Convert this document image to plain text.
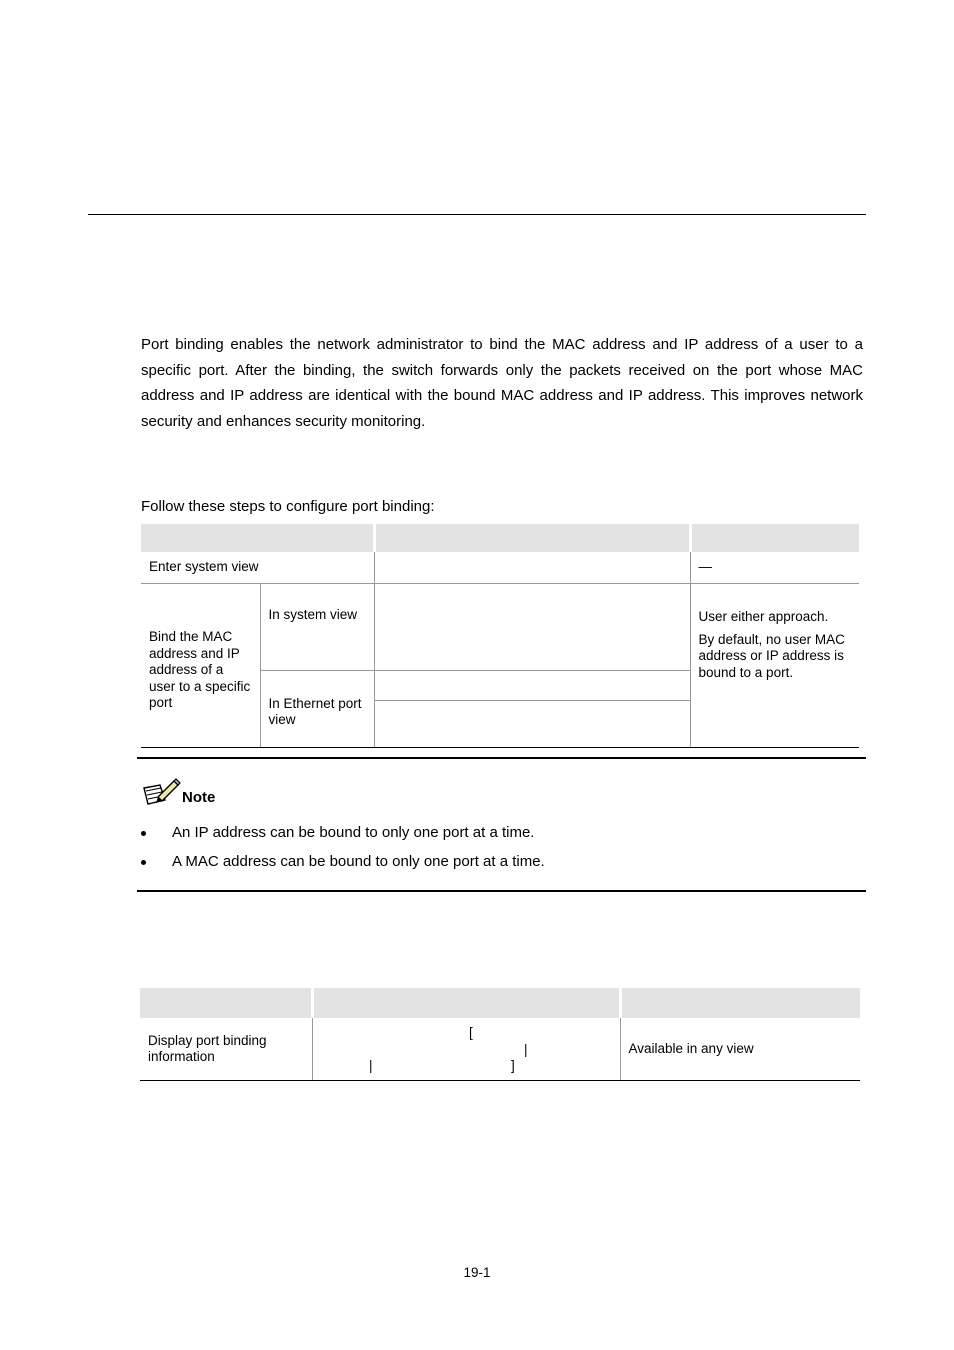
Port binding enables the network administrator to bind the MAC address and IP address of a user to a specific port. After the binding, the switch forwards only the packets received on the port whose MAC address and IP address are identical with the bound MAC address and IP address. This improves network security and enhances security monitoring.
Follow these steps to configure port binding:

Enter system view			—
Bind the MAC address and IP address of a user to a specific port	In system view		User either approach.
By default, no user MAC address or IP address is bound to a port.

	In Ethernet port view		

Note
An IP address can be bound to only one port at a time.
A MAC address can be bound to only one port at a time.

Display port binding information		Available in any view
[
|
|	]
19-1
